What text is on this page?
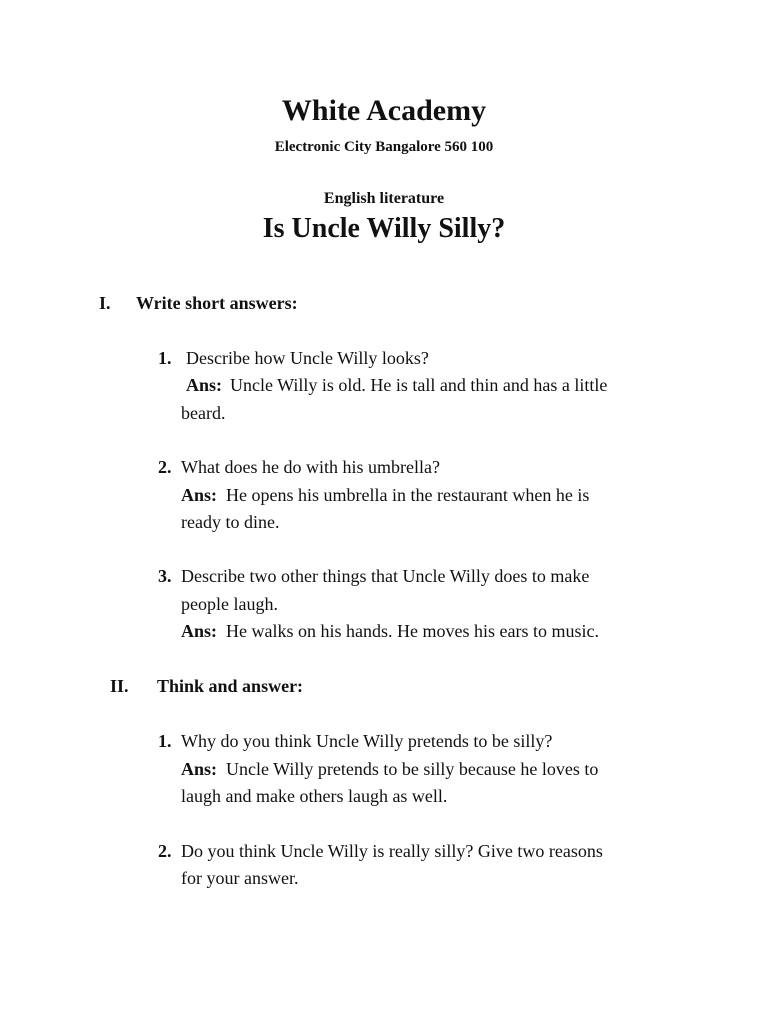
White Academy
Electronic City Bangalore 560 100
English literature
Is Uncle Willy Silly?
I. Write short answers:
1. Describe how Uncle Willy looks?
Ans: Uncle Willy is old. He is tall and thin and has a little
beard.
2. What does he do with his umbrella?
Ans: He opens his umbrella in the restaurant when he is
ready to dine.
3. Describe two other things that Uncle Willy does to make
people laugh.
Ans: He walks on his hands. He moves his ears to music.
II. Think and answer:
1. Why do you think Uncle Willy pretends to be silly?
Ans: Uncle Willy pretends to be silly because he loves to
laugh and make others laugh as well.
2. Do you think Uncle Willy is really silly? Give two reasons
for your answer.
